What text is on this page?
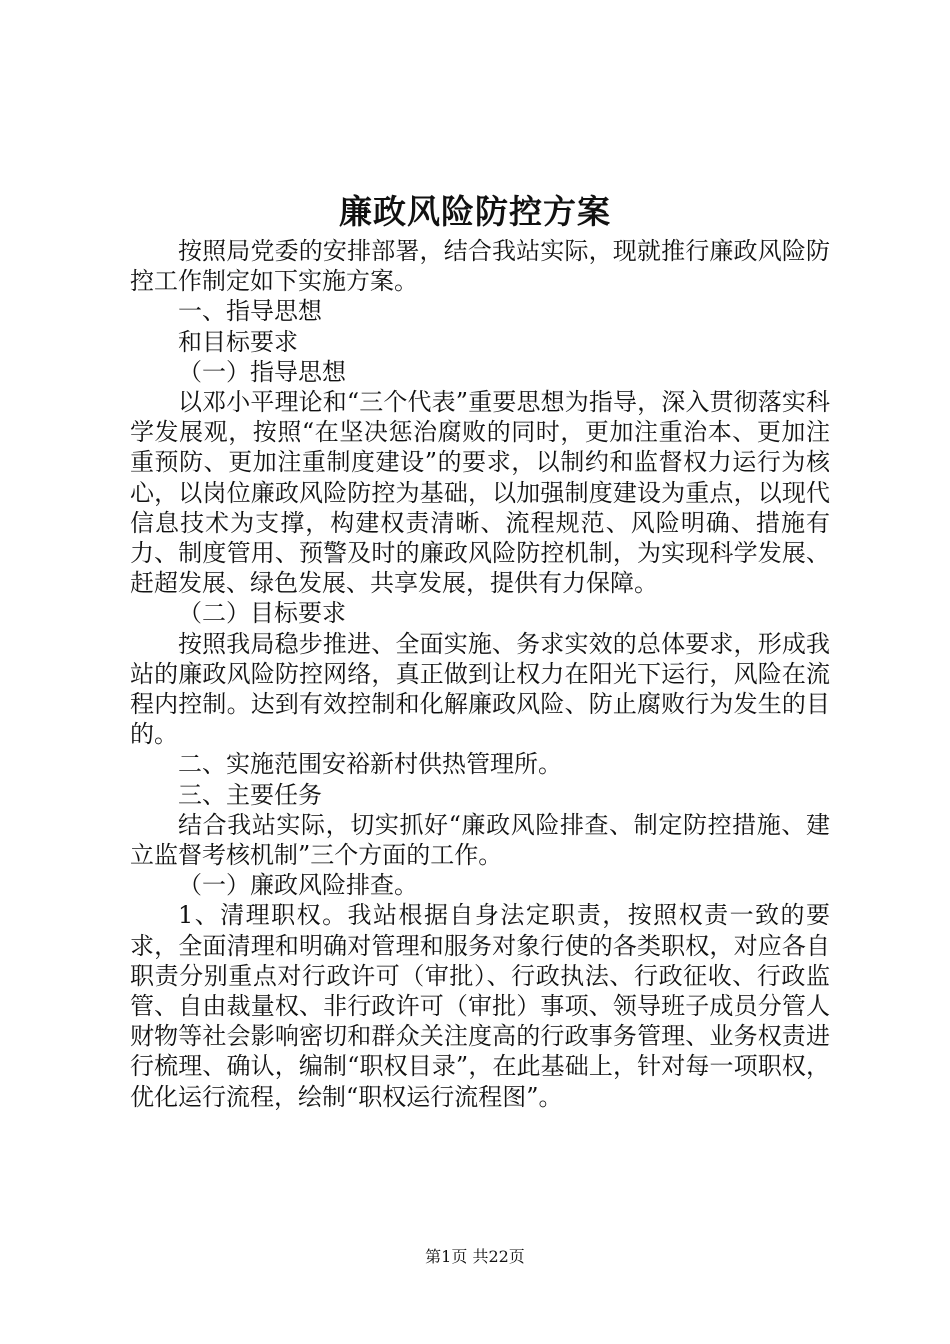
廉政风险防控方案

按照局党委的安排部署，结合我站实际，现就推行廉政风险防控工作制定如下实施方案。

一、指导思想

和目标要求

（一）指导思想

以邓小平理论和“三个代表”重要思想为指导，深入贯彻落实科学发展观，按照“在坚决惩治腐败的同时，更加注重治本、更加注重预防、更加注重制度建设”的要求，以制约和监督权力运行为核心，以岗位廉政风险防控为基础，以加强制度建设为重点，以现代信息技术为支撑，构建权责清晰、流程规范、风险明确、措施有力、制度管用、预警及时的廉政风险防控机制，为实现科学发展、赶超发展、绿色发展、共享发展，提供有力保障。

（二）目标要求

按照我局稳步推进、全面实施、务求实效的总体要求，形成我站的廉政风险防控网络，真正做到让权力在阳光下运行，风险在流程内控制。达到有效控制和化解廉政风险、防止腐败行为发生的目的。

二、实施范围安裕新村供热管理所。

三、主要任务

结合我站实际，切实抓好“廉政风险排查、制定防控措施、建立监督考核机制”三个方面的工作。

（一）廉政风险排查。

1、清理职权。我站根据自身法定职责，按照权责一致的要求，全面清理和明确对管理和服务对象行使的各类职权，对应各自职责分别重点对行政许可（审批）、行政执法、行政征收、行政监管、自由裁量权、非行政许可（审批）事项、领导班子成员分管人财物等社会影响密切和群众关注度高的行政事务管理、业务权责进行梳理、确认，编制“职权目录”，在此基础上，针对每一项职权，优化运行流程，绘制“职权运行流程图”。

第1页 共22页
